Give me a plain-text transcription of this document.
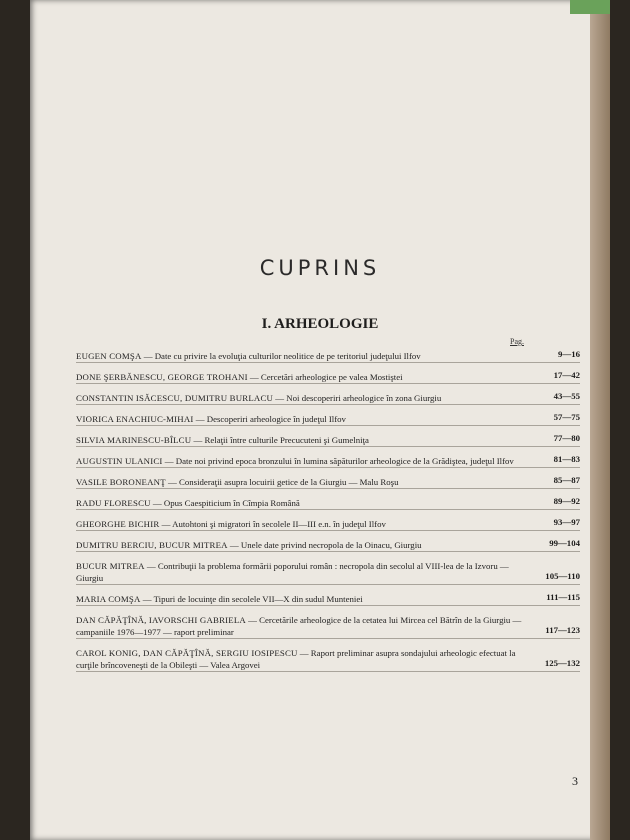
CUPRINS
I. ARHEOLOGIE
Pag.
EUGEN COMŞA — Date cu privire la evoluţia culturilor neolitice de pe teritoriul judeţului Ilfov	9—16
DONE ŞERBĂNESCU, GEORGE TROHANI — Cercetări arheologice pe valea Mostiştei	17—42
CONSTANTIN ISĂCESCU, DUMITRU BURLACU — Noi descoperiri arheologice în zona Giurgiu	43—55
VIORICA ENACHIUC-MIHAI — Descoperiri arheologice în judeţul Ilfov	57—75
SILVIA MARINESCU-BÎLCU — Relaţii între culturile Precucuteni şi Gumelniţa	77—80
AUGUSTIN ULANICI — Date noi privind epoca bronzului în lumina săpăturilor arheologice de la Grădiştea, judeţul Ilfov	81—83
VASILE BORONEANŢ — Consideraţii asupra locuirii getice de la Giurgiu — Malu Roşu	85—87
RADU FLORESCU — Opus Caespiticium în Cîmpia Română	89—92
GHEORGHE BICHIR — Autohtoni şi migratori în secolele II—III e.n. în judeţul Ilfov	93—97
DUMITRU BERCIU, BUCUR MITREA — Unele date privind necropola de la Oinacu, Giurgiu	99—104
BUCUR MITREA — Contribuţii la problema formării poporului român : necropola din secolul al VIII-lea de la Izvoru — Giurgiu	105—110
MARIA COMŞA — Tipuri de locuinţe din secolele VII—X din sudul Munteniei	111—115
DAN CĂPĂŢÎNĂ, IAVORSCHI GABRIELA — Cercetările arheologice de la cetatea lui Mircea cel Bătrîn de la Giurgiu — campaniile 1976—1977 — raport preliminar	117—123
CAROL KONIG, DAN CĂPĂŢÎNĂ, SERGIU IOSIPESCU — Raport preliminar asupra sondajului arheologic efectuat la curţile brîncoveneşti de la Obileşti — Valea Argovei	125—132
3
